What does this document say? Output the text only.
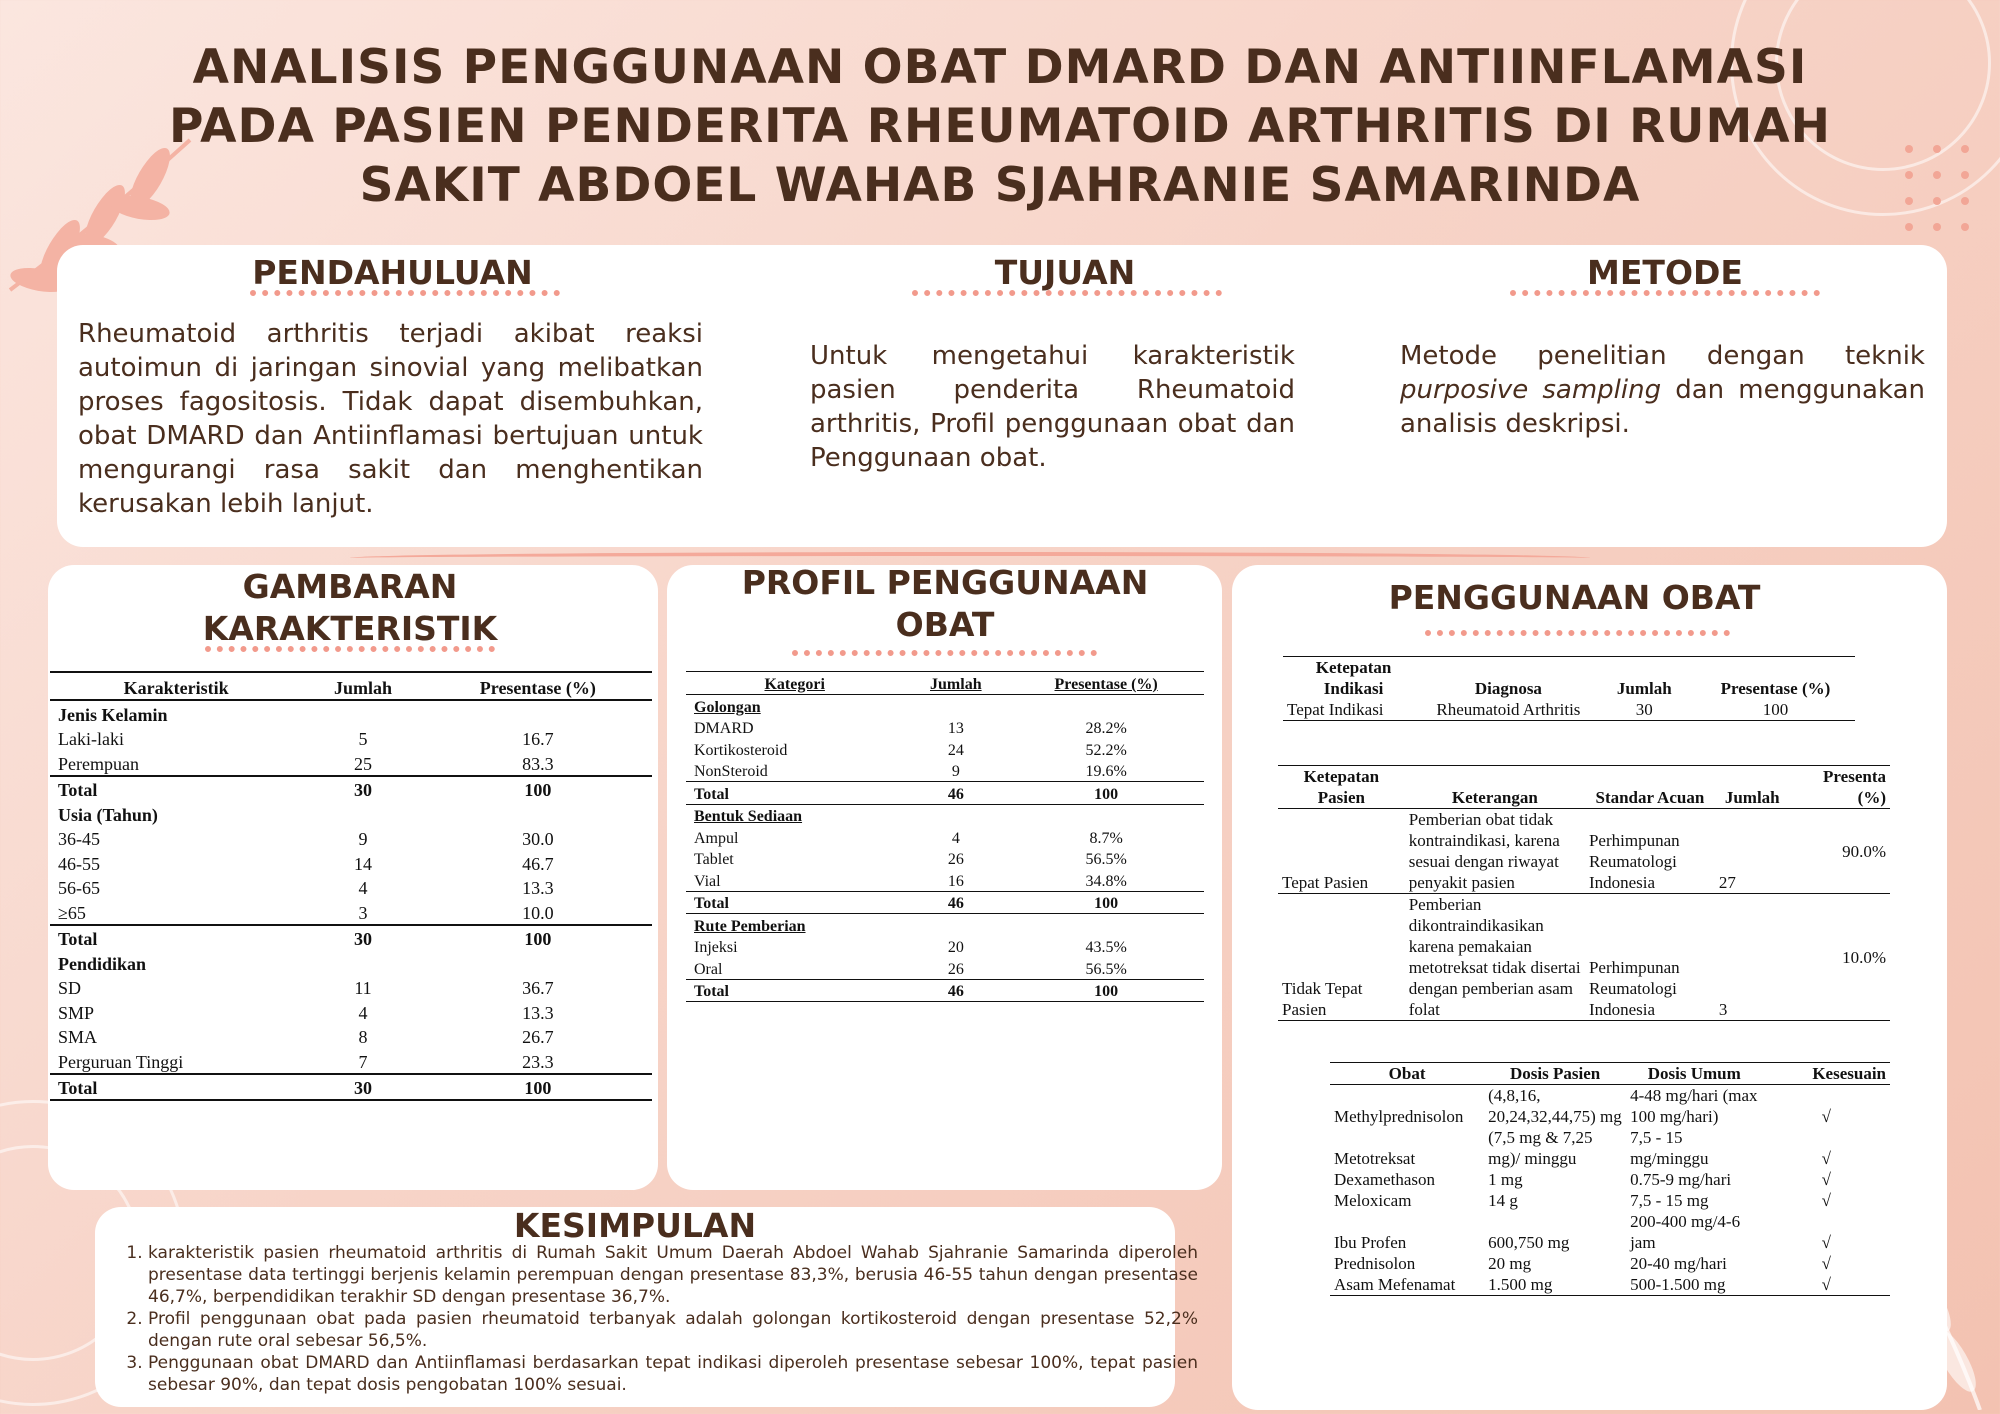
ANALISIS PENGGUNAAN OBAT DMARD DAN ANTIINFLAMASI PADA PASIEN PENDERITA RHEUMATOID ARTHRITIS DI RUMAH SAKIT ABDOEL WAHAB SJAHRANIE SAMARINDA
PENDAHULUAN
Rheumatoid arthritis terjadi akibat reaksi autoimun di jaringan sinovial yang melibatkan proses fagositosis. Tidak dapat disembuhkan, obat DMARD dan Antiinflamasi bertujuan untuk mengurangi rasa sakit dan menghentikan kerusakan lebih lanjut.
TUJUAN
Untuk mengetahui karakteristik pasien penderita Rheumatoid arthritis, Profil penggunaan obat dan Penggunaan obat.
METODE
Metode penelitian dengan teknik purposive sampling dan menggunakan analisis deskripsi.
GAMBARAN
KARAKTERISTIK
Karakteristik	Jumlah	Presentase (%)
Jenis Kelamin		
Laki-laki	5	16.7
Perempuan	25	83.3
Total	30	100
Usia (Tahun)		
36-45	9	30.0
46-55	14	46.7
56-65	4	13.3
≥65	3	10.0
Total	30	100
Pendidikan		
SD	11	36.7
SMP	4	13.3
SMA	8	26.7
Perguruan Tinggi	7	23.3
Total	30	100
PROFIL PENGGUNAAN
OBAT
Kategori	Jumlah	Presentase (%)
Golongan		
DMARD	13	28.2%
Kortikosteroid	24	52.2%
NonSteroid	9	19.6%
Total	46	100
Bentuk Sediaan		
Ampul	4	8.7%
Tablet	26	56.5%
Vial	16	34.8%
Total	46	100
Rute Pemberian		
Injeksi	20	43.5%
Oral	26	56.5%
Total	46	100
PENGGUNAAN OBAT
Ketepatan Indikasi	Diagnosa	Jumlah	Presentase (%)
Tepat Indikasi	Rheumatoid Arthritis	30	100
Ketepatan Pasien	Keterangan	Standar Acuan	Jumlah	Presenta (%)
Tepat Pasien	Pemberian obat tidak kontraindikasi, karena sesuai dengan riwayat penyakit pasien	Perhimpunan Reumatologi Indonesia	27	90.0%
Tidak Tepat Pasien	Pemberian dikontraindikasikan karena pemakaian metotreksat tidak disertai dengan pemberian asam folat	Perhimpunan Reumatologi Indonesia	3	10.0%
Obat	Dosis Pasien	Dosis Umum	Kesesuain
Methylprednisolon	(4,8,16, 20,24,32,44,75) mg	4-48 mg/hari (max 100 mg/hari)	√
Metotreksat	(7,5 mg & 7,25 mg)/ minggu	7,5 - 15 mg/minggu	√
Dexamethason	1 mg	0.75-9 mg/hari	√
Meloxicam	14 g	7,5 - 15 mg	√
Ibu Profen	600,750 mg	200-400 mg/4-6 jam	√
Prednisolon	20 mg	20-40 mg/hari	√
Asam Mefenamat	1.500 mg	500-1.500 mg	√
KESIMPULAN
1. karakteristik pasien rheumatoid arthritis di Rumah Sakit Umum Daerah Abdoel Wahab Sjahranie Samarinda diperoleh presentase data tertinggi berjenis kelamin perempuan dengan presentase 83,3%, berusia 46-55 tahun dengan presentase 46,7%, berpendidikan terakhir SD dengan presentase 36,7%.
2. Profil penggunaan obat pada pasien rheumatoid terbanyak adalah golongan kortikosteroid dengan presentase 52,2% dengan rute oral sebesar 56,5%.
3. Penggunaan obat DMARD dan Antiinflamasi berdasarkan tepat indikasi diperoleh presentase sebesar 100%, tepat pasien sebesar 90%, dan tepat dosis pengobatan 100% sesuai.
